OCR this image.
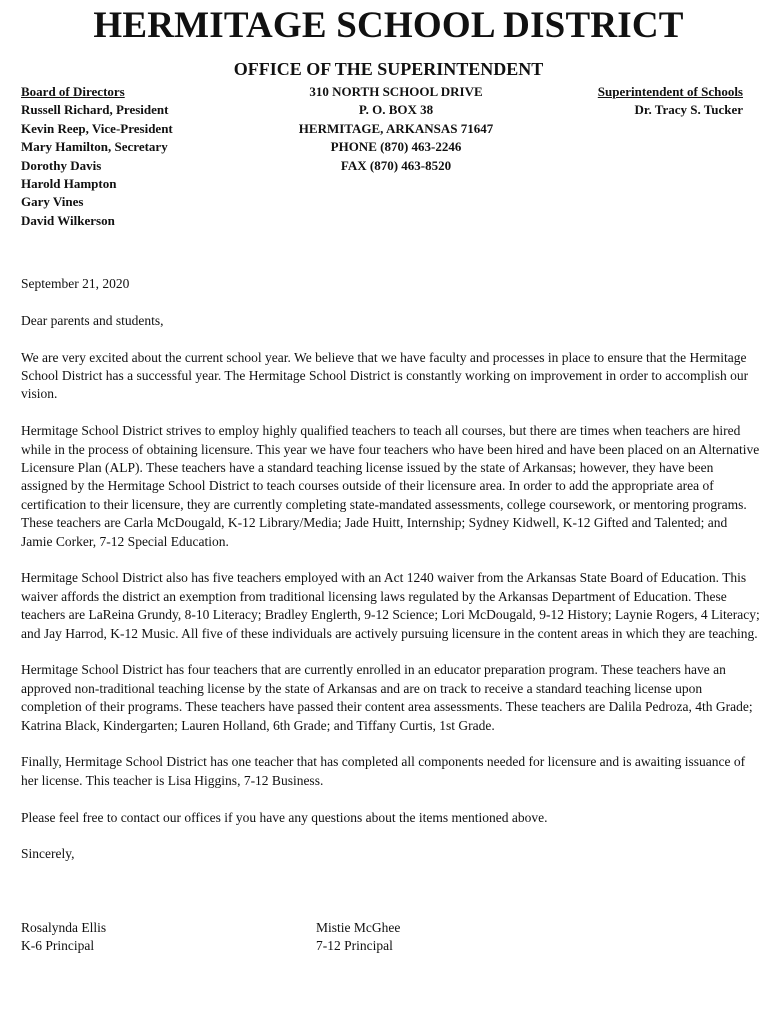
HERMITAGE SCHOOL DISTRICT
OFFICE OF THE SUPERINTENDENT
Board of Directors
Russell Richard, President
Kevin Reep, Vice-President
Mary Hamilton, Secretary
Dorothy Davis
Harold Hampton
Gary Vines
David Wilkerson
310 NORTH SCHOOL DRIVE
P. O. BOX 38
HERMITAGE, ARKANSAS 71647
PHONE (870) 463-2246
FAX (870) 463-8520
Superintendent of Schools
Dr. Tracy S. Tucker

September 21, 2020

Dear parents and students,

We are very excited about the current school year. We believe that we have faculty and processes in place to ensure that the Hermitage School District has a successful year. The Hermitage School District is constantly working on improvement in order to accomplish our vision.

Hermitage School District strives to employ highly qualified teachers to teach all courses, but there are times when teachers are hired while in the process of obtaining licensure. This year we have four teachers who have been hired and have been placed on an Alternative Licensure Plan (ALP). These teachers have a standard teaching license issued by the state of Arkansas; however, they have been assigned by the Hermitage School District to teach courses outside of their licensure area. In order to add the appropriate area of certification to their licensure, they are currently completing state-mandated assessments, college coursework, or mentoring programs. These teachers are Carla McDougald, K-12 Library/Media; Jade Huitt, Internship; Sydney Kidwell, K-12 Gifted and Talented; and Jamie Corker, 7-12 Special Education.

Hermitage School District also has five teachers employed with an Act 1240 waiver from the Arkansas State Board of Education. This waiver affords the district an exemption from traditional licensing laws regulated by the Arkansas Department of Education. These teachers are LaReina Grundy, 8-10 Literacy; Bradley Englerth, 9-12 Science; Lori McDougald, 9-12 History; Laynie Rogers, 4 Literacy; and Jay Harrod, K-12 Music. All five of these individuals are actively pursuing licensure in the content areas in which they are teaching.

Hermitage School District has four teachers that are currently enrolled in an educator preparation program. These teachers have an approved non-traditional teaching license by the state of Arkansas and are on track to receive a standard teaching license upon completion of their programs. These teachers have passed their content area assessments. These teachers are Dalila Pedroza, 4th Grade; Katrina Black, Kindergarten; Lauren Holland, 6th Grade; and Tiffany Curtis, 1st Grade.

Finally, Hermitage School District has one teacher that has completed all components needed for licensure and is awaiting issuance of her license. This teacher is Lisa Higgins, 7-12 Business.

Please feel free to contact our offices if you have any questions about the items mentioned above.

Sincerely,

Rosalynda Ellis
K-6 Principal
Mistie McGhee
7-12 Principal
